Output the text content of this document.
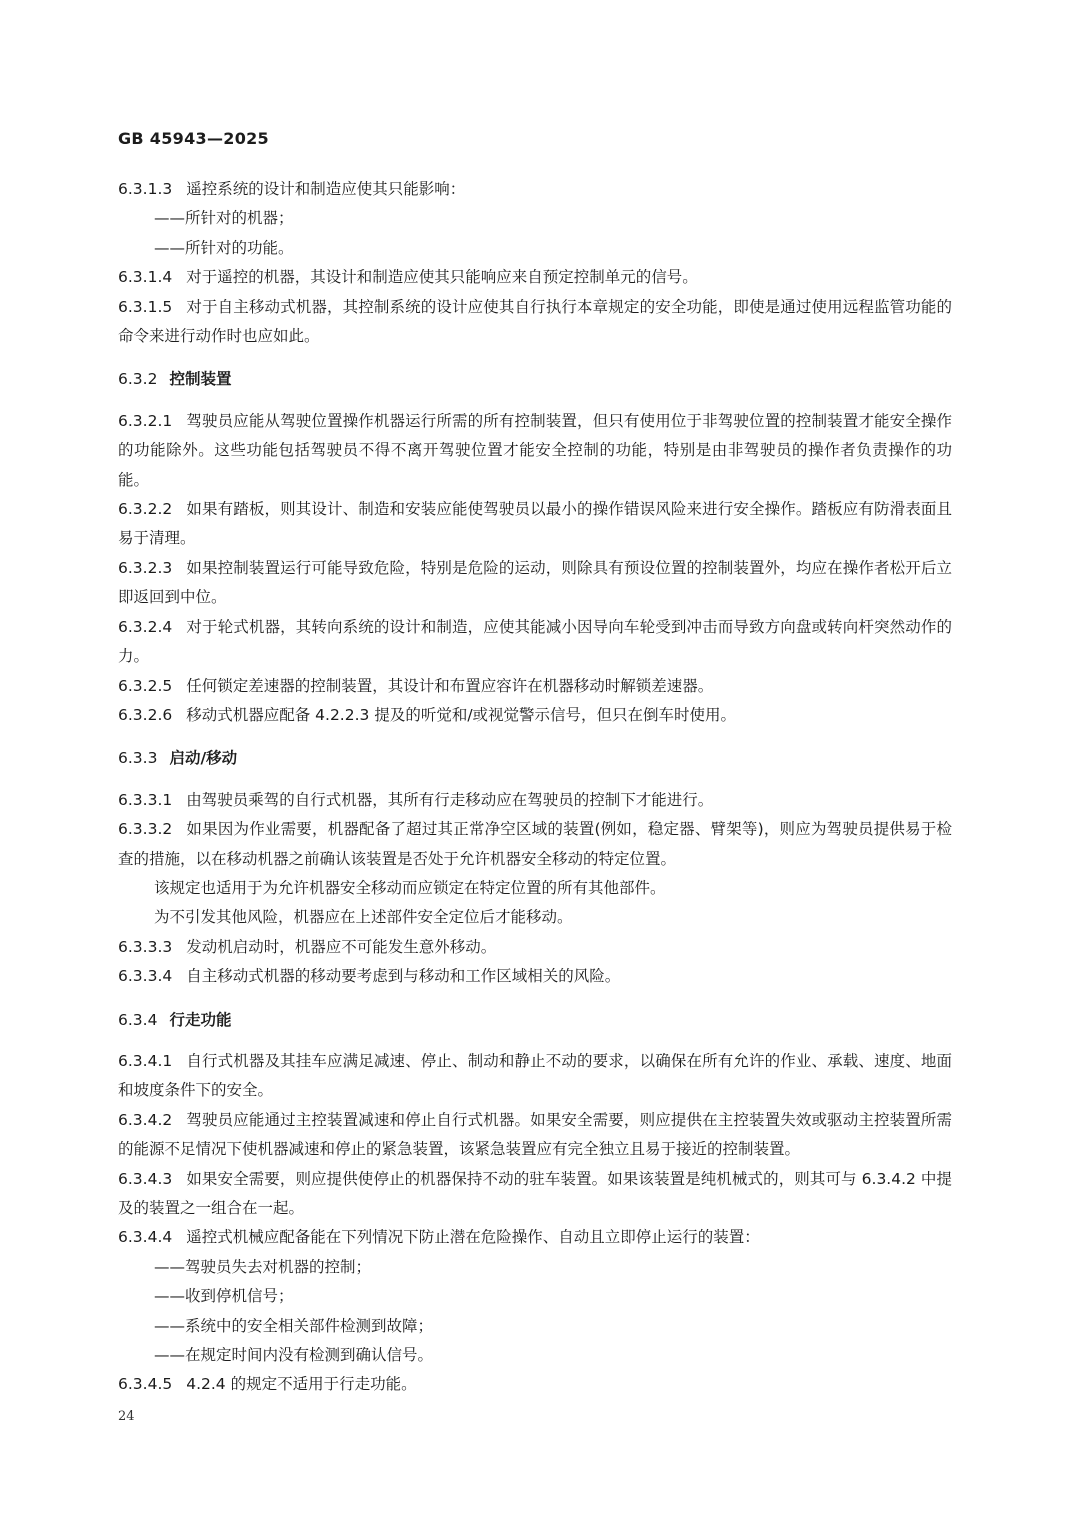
GB 45943—2025

6.3.1.3 遥控系统的设计和制造应使其只能影响：

——所针对的机器；

——所针对的功能。

6.3.1.4 对于遥控的机器，其设计和制造应使其只能响应来自预定控制单元的信号。

6.3.1.5 对于自主移动式机器，其控制系统的设计应使其自行执行本章规定的安全功能，即使是通过使用远程监管功能的命令来进行动作时也应如此。

6.3.2 控制装置

6.3.2.1 驾驶员应能从驾驶位置操作机器运行所需的所有控制装置，但只有使用位于非驾驶位置的控制装置才能安全操作的功能除外。这些功能包括驾驶员不得不离开驾驶位置才能安全控制的功能，特别是由非驾驶员的操作者负责操作的功能。

6.3.2.2 如果有踏板，则其设计、制造和安装应能使驾驶员以最小的操作错误风险来进行安全操作。踏板应有防滑表面且易于清理。

6.3.2.3 如果控制装置运行可能导致危险，特别是危险的运动，则除具有预设位置的控制装置外，均应在操作者松开后立即返回到中位。

6.3.2.4 对于轮式机器，其转向系统的设计和制造，应使其能减小因导向车轮受到冲击而导致方向盘或转向杆突然动作的力。

6.3.2.5 任何锁定差速器的控制装置，其设计和布置应容许在机器移动时解锁差速器。

6.3.2.6 移动式机器应配备 4.2.2.3 提及的听觉和/或视觉警示信号，但只在倒车时使用。

6.3.3 启动/移动

6.3.3.1 由驾驶员乘驾的自行式机器，其所有行走移动应在驾驶员的控制下才能进行。

6.3.3.2 如果因为作业需要，机器配备了超过其正常净空区域的装置(例如，稳定器、臂架等)，则应为驾驶员提供易于检查的措施，以在移动机器之前确认该装置是否处于允许机器安全移动的特定位置。

该规定也适用于为允许机器安全移动而应锁定在特定位置的所有其他部件。

为不引发其他风险，机器应在上述部件安全定位后才能移动。

6.3.3.3 发动机启动时，机器应不可能发生意外移动。

6.3.3.4 自主移动式机器的移动要考虑到与移动和工作区域相关的风险。

6.3.4 行走功能

6.3.4.1 自行式机器及其挂车应满足减速、停止、制动和静止不动的要求，以确保在所有允许的作业、承载、速度、地面和坡度条件下的安全。

6.3.4.2 驾驶员应能通过主控装置减速和停止自行式机器。如果安全需要，则应提供在主控装置失效或驱动主控装置所需的能源不足情况下使机器减速和停止的紧急装置，该紧急装置应有完全独立且易于接近的控制装置。

6.3.4.3 如果安全需要，则应提供使停止的机器保持不动的驻车装置。如果该装置是纯机械式的，则其可与 6.3.4.2 中提及的装置之一组合在一起。

6.3.4.4 遥控式机械应配备能在下列情况下防止潜在危险操作、自动且立即停止运行的装置：

——驾驶员失去对机器的控制；

——收到停机信号；

——系统中的安全相关部件检测到故障；

——在规定时间内没有检测到确认信号。

6.3.4.5 4.2.4 的规定不适用于行走功能。

24
